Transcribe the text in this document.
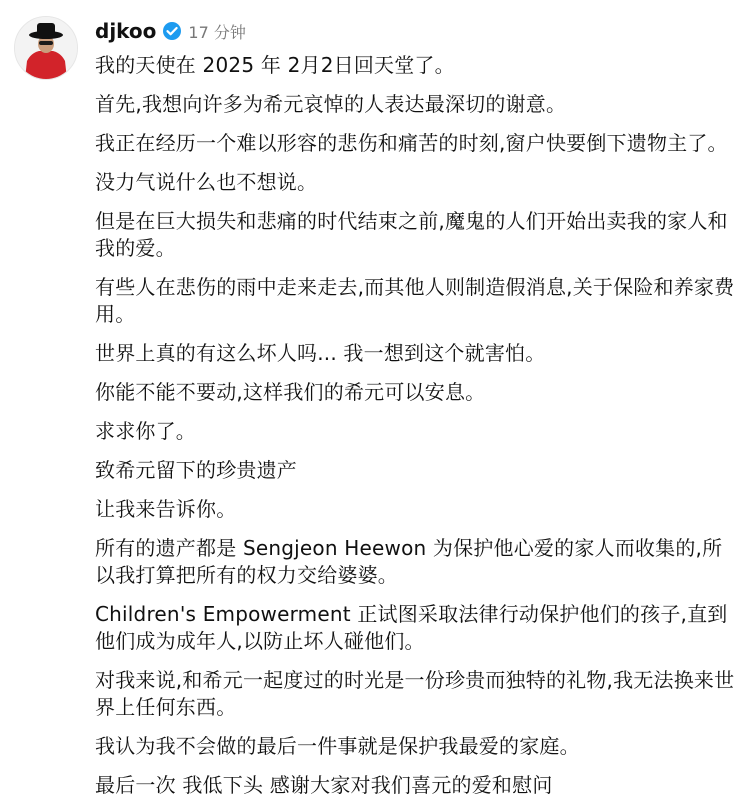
djkoo 17 分钟

我的天使在 2025 年 2月2日回天堂了。

首先,我想向许多为希元哀悼的人表达最深切的谢意。

我正在经历一个难以形容的悲伤和痛苦的时刻,窗户快要倒下遗物主了。

没力气说什么也不想说。

但是在巨大损失和悲痛的时代结束之前,魔鬼的人们开始出卖我的家人和我的爱。

有些人在悲伤的雨中走来走去,而其他人则制造假消息,关于保险和养家费用。

世界上真的有这么坏人吗... 我一想到这个就害怕。

你能不能不要动,这样我们的希元可以安息。

求求你了。

致希元留下的珍贵遗产

让我来告诉你。

所有的遗产都是 Sengjeon Heewon 为保护他心爱的家人而收集的,所以我打算把所有的权力交给婆婆。

Children's Empowerment 正试图采取法律行动保护他们的孩子,直到他们成为成年人,以防止坏人碰他们。

对我来说,和希元一起度过的时光是一份珍贵而独特的礼物,我无法换来世界上任何东西。

我认为我不会做的最后一件事就是保护我最爱的家庭。

最后一次 我低下头 感谢大家对我们喜元的爱和慰问
